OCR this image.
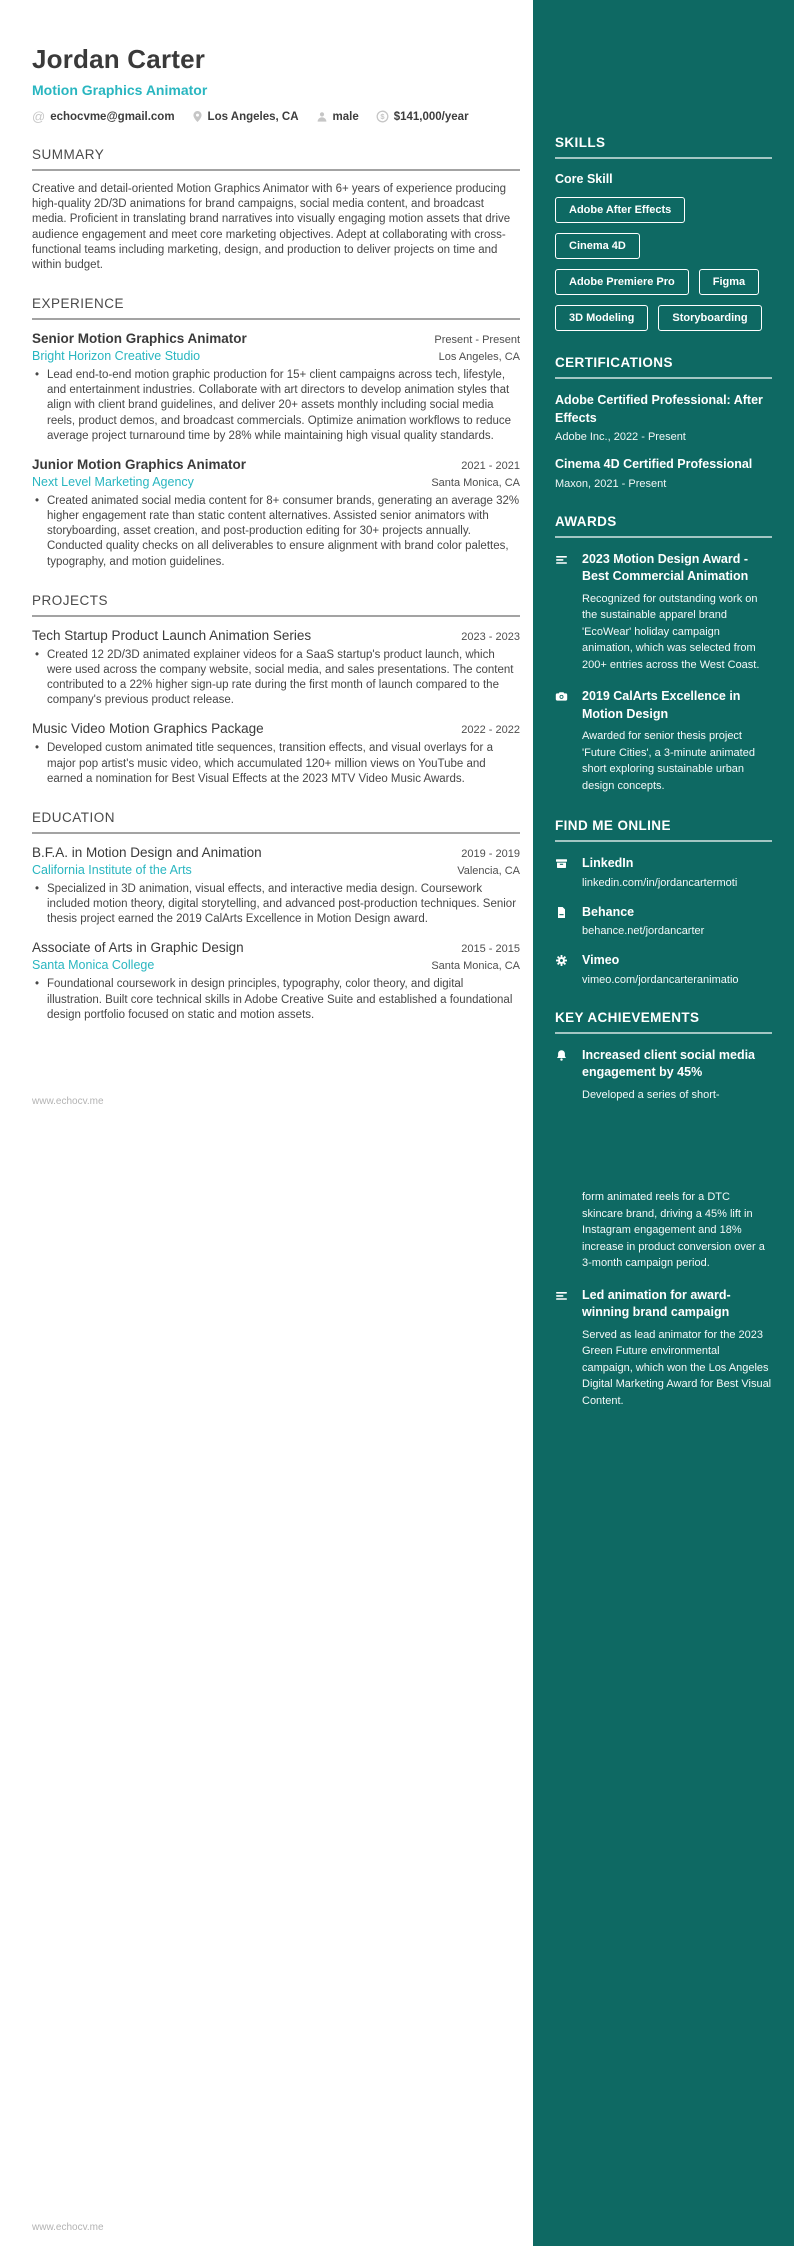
Jordan Carter
Motion Graphics Animator
@ echocvme@gmail.com	Los Angeles, CA	male	$ $141,000/year
SUMMARY

Creative and detail-oriented Motion Graphics Animator with 6+ years of experience producing high-quality 2D/3D animations for brand campaigns, social media content, and broadcast media. Proficient in translating brand narratives into visually engaging motion assets that drive audience engagement and meet core marketing objectives. Adept at collaborating with cross-functional teams including marketing, design, and production to deliver projects on time and within budget.

EXPERIENCE
Senior Motion Graphics Animator	Present - Present
Bright Horizon Creative Studio	Los Angeles, CA
• Lead end-to-end motion graphic production for 15+ client campaigns across tech, lifestyle, and entertainment industries. Collaborate with art directors to develop animation styles that align with client brand guidelines, and deliver 20+ assets monthly including social media reels, product demos, and broadcast commercials. Optimize animation workflows to reduce average project turnaround time by 28% while maintaining high visual quality standards.
Junior Motion Graphics Animator	2021 - 2021
Next Level Marketing Agency	Santa Monica, CA
• Created animated social media content for 8+ consumer brands, generating an average 32% higher engagement rate than static content alternatives. Assisted senior animators with storyboarding, asset creation, and post-production editing for 30+ projects annually. Conducted quality checks on all deliverables to ensure alignment with brand color palettes, typography, and motion guidelines.
PROJECTS
Tech Startup Product Launch Animation Series	2023 - 2023
• Created 12 2D/3D animated explainer videos for a SaaS startup's product launch, which were used across the company website, social media, and sales presentations. The content contributed to a 22% higher sign-up rate during the first month of launch compared to the company's previous product release.
Music Video Motion Graphics Package	2022 - 2022
• Developed custom animated title sequences, transition effects, and visual overlays for a major pop artist's music video, which accumulated 120+ million views on YouTube and earned a nomination for Best Visual Effects at the 2023 MTV Video Music Awards.
EDUCATION
B.F.A. in Motion Design and Animation	2019 - 2019
California Institute of the Arts	Valencia, CA
• Specialized in 3D animation, visual effects, and interactive media design. Coursework included motion theory, digital storytelling, and advanced post-production techniques. Senior thesis project earned the 2019 CalArts Excellence in Motion Design award.
Associate of Arts in Graphic Design	2015 - 2015
Santa Monica College	Santa Monica, CA
• Foundational coursework in design principles, typography, color theory, and digital illustration. Built core technical skills in Adobe Creative Suite and established a foundational design portfolio focused on static and motion assets.
SKILLS
Core Skill
Adobe After Effects
Cinema 4D
Adobe Premiere Pro	Figma
3D Modeling	Storyboarding
CERTIFICATIONS
Adobe Certified Professional: After Effects
Adobe Inc., 2022 - Present
Cinema 4D Certified Professional
Maxon, 2021 - Present
AWARDS
2023 Motion Design Award - Best Commercial Animation
Recognized for outstanding work on the sustainable apparel brand 'EcoWear' holiday campaign animation, which was selected from 200+ entries across the West Coast.
2019 CalArts Excellence in Motion Design
Awarded for senior thesis project 'Future Cities', a 3-minute animated short exploring sustainable urban design concepts.
FIND ME ONLINE
LinkedIn
linkedin.com/in/jordancartermoti
Behance
behance.net/jordancarter
Vimeo
vimeo.com/jordancarteranimatio
KEY ACHIEVEMENTS
Increased client social media engagement by 45%
Developed a series of short-
form animated reels for a DTC skincare brand, driving a 45% lift in Instagram engagement and 18% increase in product conversion over a 3-month campaign period.
Led animation for award-winning brand campaign
Served as lead animator for the 2023 Green Future environmental campaign, which won the Los Angeles Digital Marketing Award for Best Visual Content.
www.echocv.me
www.echocv.me
